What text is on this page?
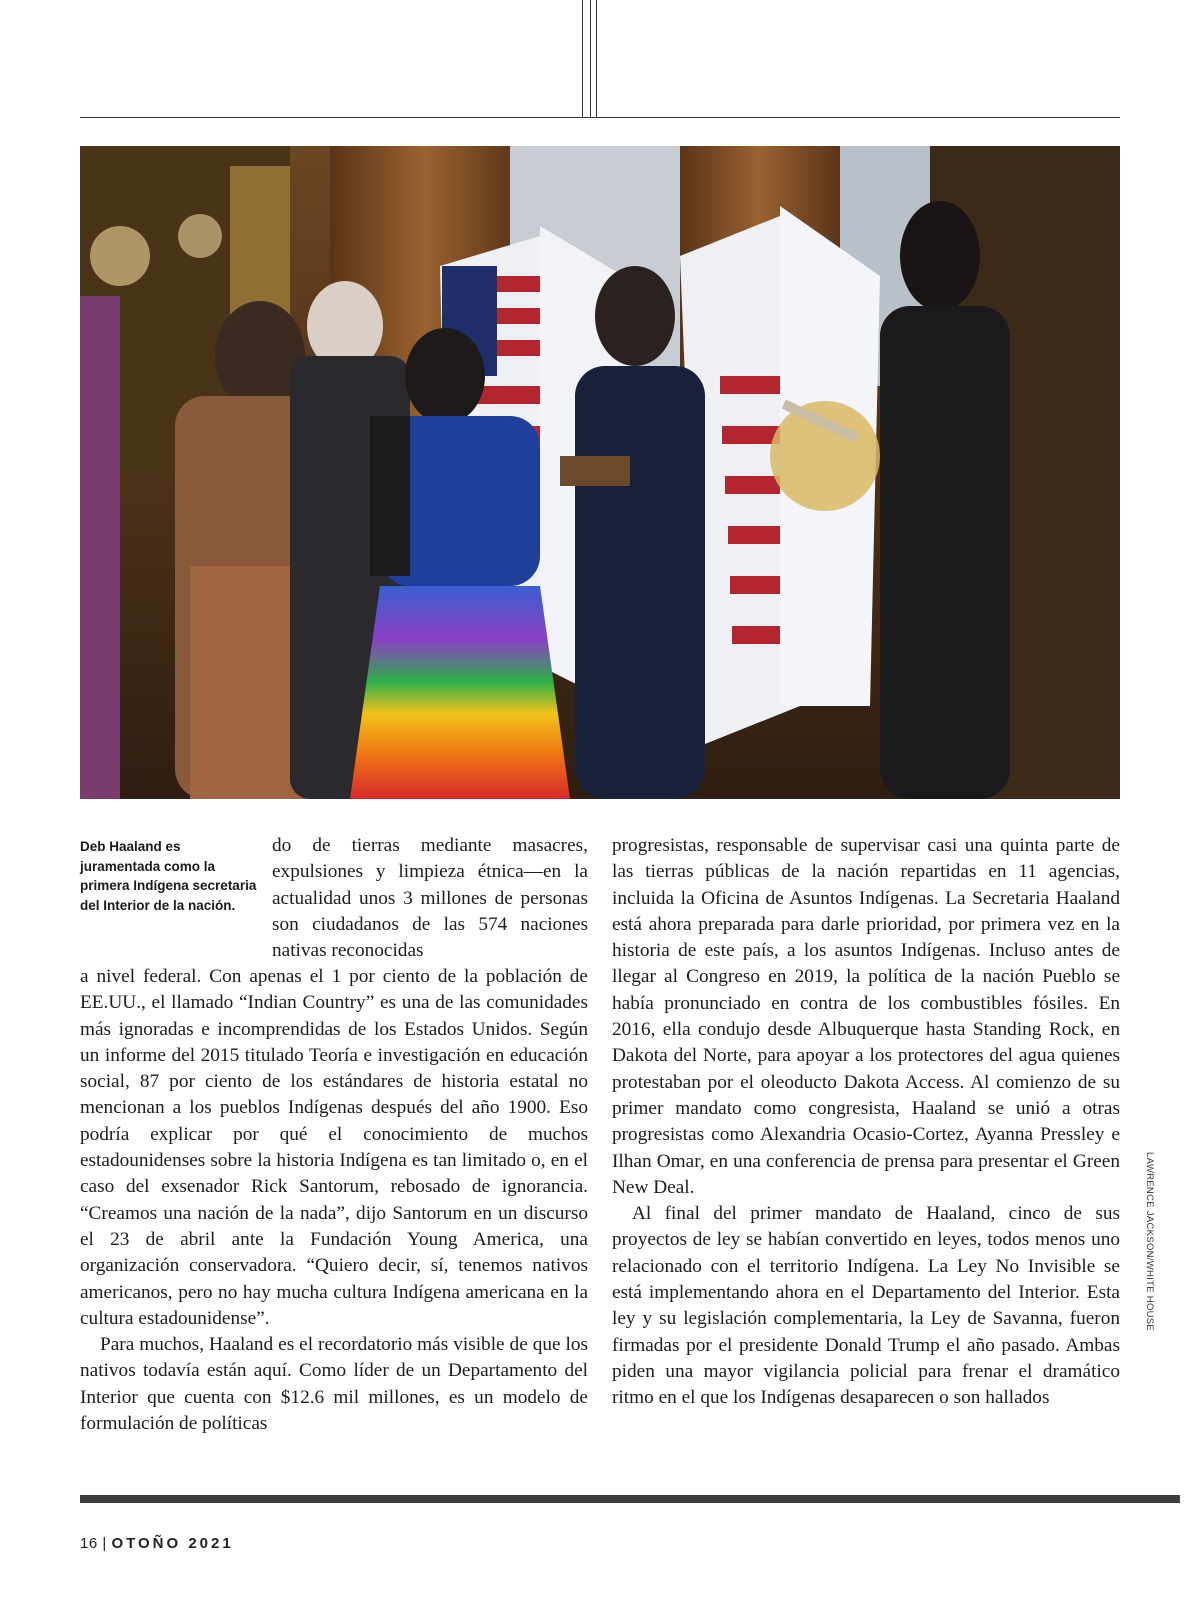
Deb Haaland es juramentada como la primera Indígena secretaria del Interior de la nación.

do de tierras mediante masacres, expulsiones y limpieza étnica—en la actualidad unos 3 millones de personas son ciudadanos de las 574 naciones nativas reconocidas

a nivel federal. Con apenas el 1 por ciento de la población de EE.UU., el llamado “Indian Country” es una de las comunidades más ignoradas e incomprendidas de los Estados Unidos. Según un informe del 2015 titulado Teoría e investigación en educación social, 87 por ciento de los estándares de historia estatal no mencionan a los pueblos Indígenas después del año 1900. Eso podría explicar por qué el conocimiento de muchos estadounidenses sobre la historia Indígena es tan limitado o, en el caso del exsenador Rick Santorum, rebosado de ignorancia. “Creamos una nación de la nada”, dijo Santorum en un discurso el 23 de abril ante la Fundación Young America, una organización conservadora. “Quiero decir, sí, tenemos nativos americanos, pero no hay mucha cultura Indígena americana en la cultura estadounidense”.

Para muchos, Haaland es el recordatorio más visible de que los nativos todavía están aquí. Como líder de un Departamento del Interior que cuenta con $12.6 mil millones, es un modelo de formulación de políticas

progresistas, responsable de supervisar casi una quinta parte de las tierras públicas de la nación repartidas en 11 agencias, incluida la Oficina de Asuntos Indígenas. La Secretaria Haaland está ahora preparada para darle prioridad, por primera vez en la historia de este país, a los asuntos Indígenas. Incluso antes de llegar al Congreso en 2019, la política de la nación Pueblo se había pronunciado en contra de los combustibles fósiles. En 2016, ella condujo desde Albuquerque hasta Standing Rock, en Dakota del Norte, para apoyar a los protectores del agua quienes protestaban por el oleoducto Dakota Access. Al comienzo de su primer mandato como congresista, Haaland se unió a otras progresistas como Alexandria Ocasio-Cortez, Ayanna Pressley e Ilhan Omar, en una conferencia de prensa para presentar el Green New Deal.

Al final del primer mandato de Haaland, cinco de sus proyectos de ley se habían convertido en leyes, todos menos uno relacionado con el territorio Indígena. La Ley No Invisible se está implementando ahora en el Departamento del Interior. Esta ley y su legislación complementaria, la Ley de Savanna, fueron firmadas por el presidente Donald Trump el año pasado. Ambas piden una mayor vigilancia policial para frenar el dramático ritmo en el que los Indígenas desaparecen o son hallados

LAWRENCE JACKSON/WHITE HOUSE
16 | OTOÑO 2021
